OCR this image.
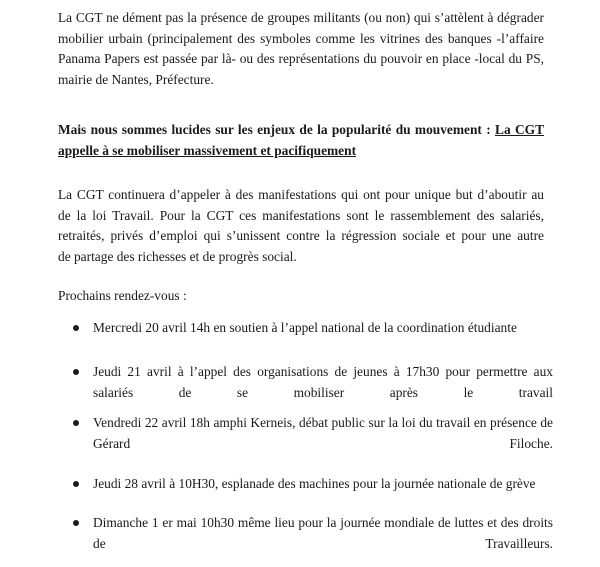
La CGT ne dément pas la présence de groupes militants (ou non) qui s’attèlent à dégrader
mobilier urbain (principalement des symboles comme les vitrines des banques -l’affaire
Panama Papers est passée par là- ou des représentations du pouvoir en place -local du PS,
mairie de Nantes, Préfecture.
Mais nous sommes lucides sur les enjeux de la popularité du mouvement : La CGT
appelle à se mobiliser massivement et pacifiquement
La CGT continuera d’appeler à des manifestations qui ont pour unique but d’aboutir au
de la loi Travail. Pour la CGT ces manifestations sont le rassemblement des salariés,
retraités, privés d’emploi qui s’unissent contre la régression sociale et pour une autre
de partage des richesses et de progrès social.
Prochains rendez-vous :
Mercredi 20 avril 14h en soutien à l’appel national de la coordination étudiante
Jeudi 21 avril à l’appel des organisations de jeunes à 17h30 pour permettre aux
salariés de se mobiliser après le travail
Vendredi 22 avril 18h amphi Kerneis, débat public sur la loi du travail en présence de
Gérard Filoche.
Jeudi 28 avril à 10H30, esplanade des machines pour la journée nationale de grève
Dimanche 1 er mai 10h30 même lieu pour la journée mondiale de luttes et des droits
de Travailleurs.
